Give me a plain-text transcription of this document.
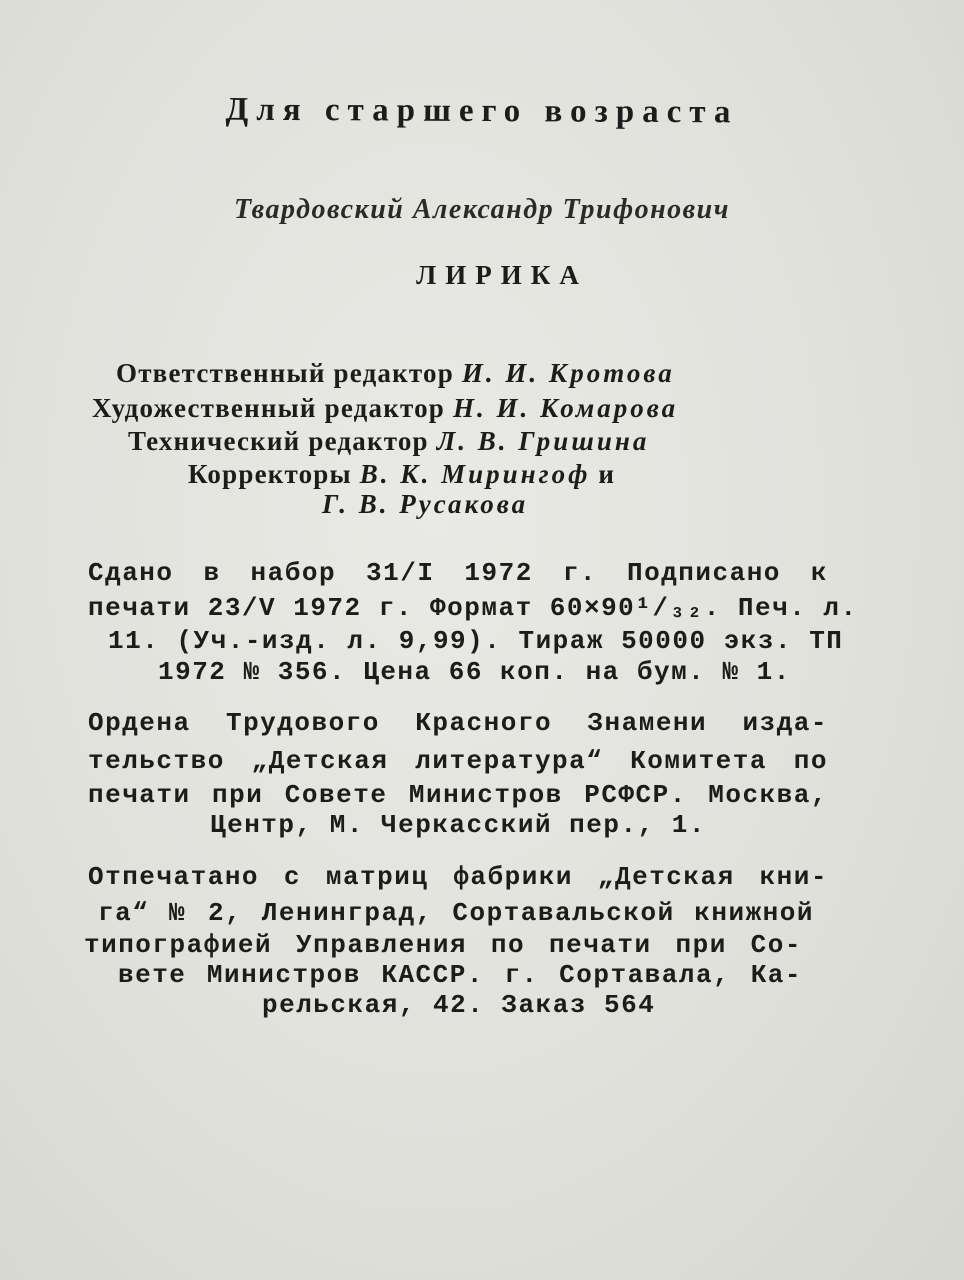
Для старшего возраста
Твардовский Александр Трифонович
ЛИРИКА
Ответственный редактор И. И. Кротова
Художественный редактор Н. И. Комарова
Технический редактор Л. В. Гришина
Корректоры В. К. Мирингоф и
Г. В. Русакова
Сдано в набор 31/I 1972 г. Подписано к
печати 23/V 1972 г. Формат 60×90¹/₃₂. Печ. л.
11. (Уч.-изд. л. 9,99). Тираж 50000 экз. ТП
1972 № 356. Цена 66 коп. на бум. № 1.
Ордена Трудового Красного Знамени изда-
тельство „Детская литература“ Комитета по
печати при Совете Министров РСФСР. Москва,
Центр, М. Черкасский пер., 1.
Отпечатано с матриц фабрики „Детская кни-
га“ № 2, Ленинград, Сортавальской книжной
типографией Управления по печати при Со-
вете Министров КАССР. г. Сортавала, Ка-
рельская, 42. Заказ 564
